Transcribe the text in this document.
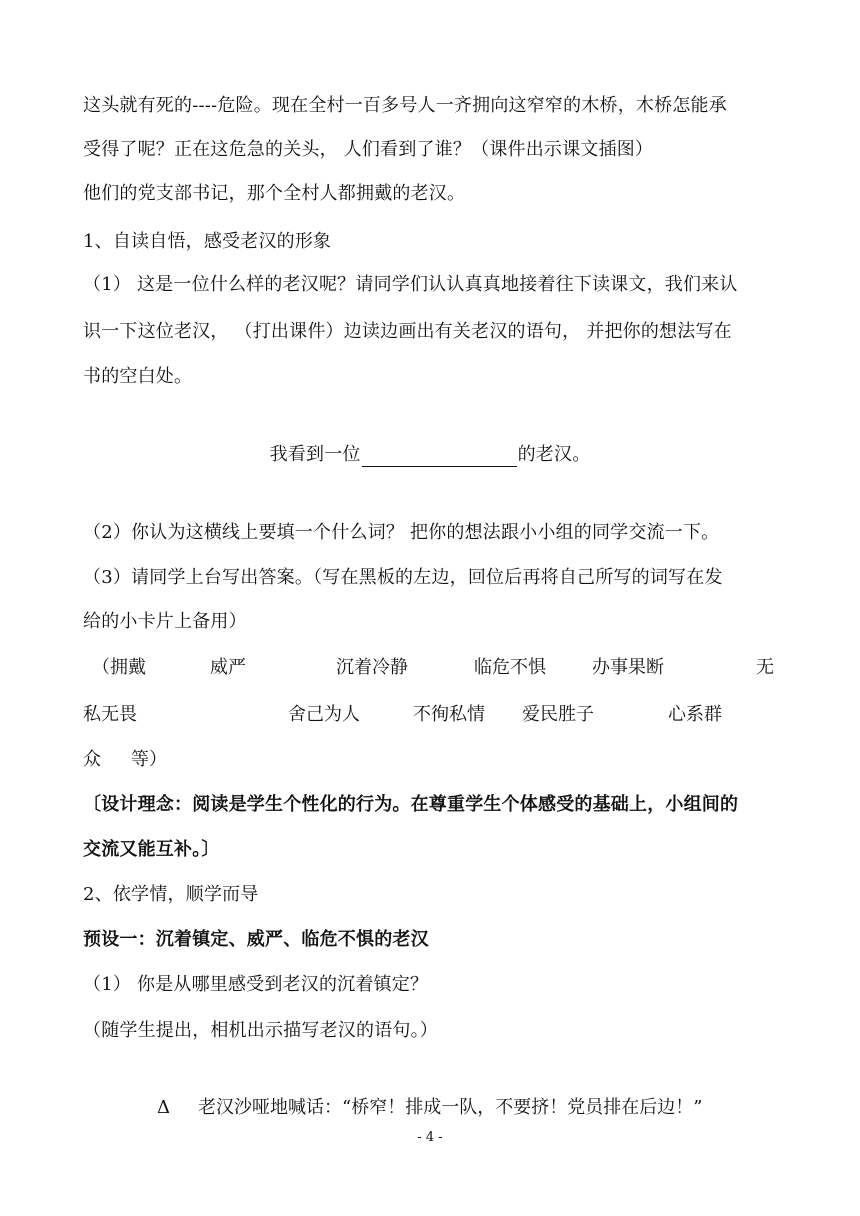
这头就有死的----危险。现在全村一百多号人一齐拥向这窄窄的木桥，木桥怎能承
受得了呢？正在这危急的关头， 人们看到了谁？（课件出示课文插图）
他们的党支部书记，那个全村人都拥戴的老汉。
1、自读自悟，感受老汉的形象
（1） 这是一位什么样的老汉呢？请同学们认认真真地接着往下读课文，我们来认
识一下这位老汉， （打出课件）边读边画出有关老汉的语句， 并把你的想法写在
书的空白处。
我看到一位	的老汉。
（2）你认为这横线上要填一个什么词？ 把你的想法跟小小组的同学交流一下。
（3）请同学上台写出答案。（写在黑板的左边，回位后再将自己所写的词写在发
给的小卡片上备用）
（拥戴	威严	沉着冷静	临危不惧	办事果断	无
私无畏	舍己为人	不徇私情 爱民胜子	心系群
众 等）
〔设计理念：阅读是学生个性化的行为。在尊重学生个体感受的基础上，小组间的
交流又能互补。〕
2、依学情，顺学而导
预设一：沉着镇定、威严、临危不惧的老汉
（1） 你是从哪里感受到老汉的沉着镇定？
（随学生提出，相机出示描写老汉的语句。）
Δ 老汉沙哑地喊话：“桥窄！排成一队，不要挤！党员排在后边！”
- 4 -
